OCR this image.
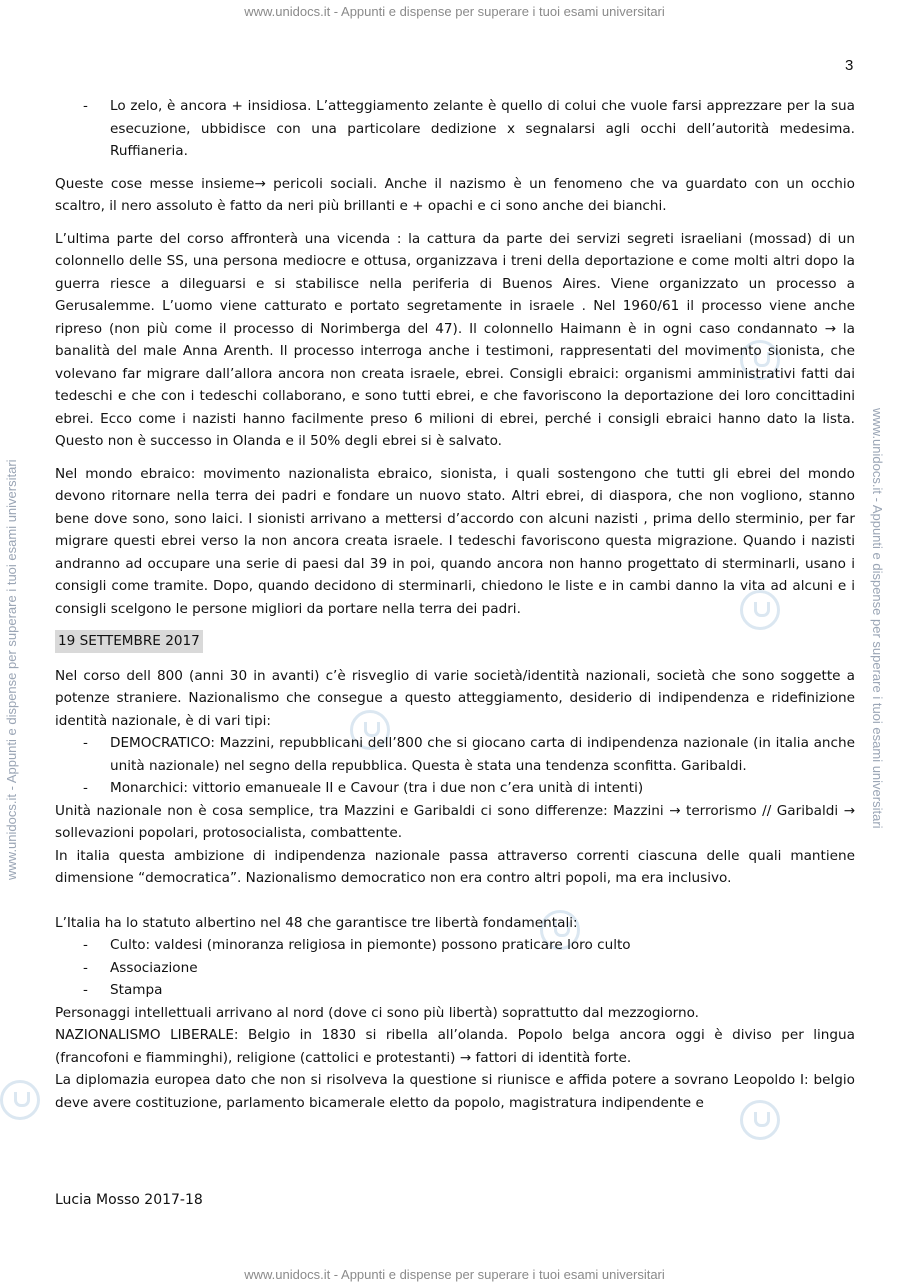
www.unidocs.it - Appunti e dispense per superare i tuoi esami universitari
www.unidocs.it - Appunti e dispense per superare i tuoi esami universitari
www.unidocs.it - Appunti e dispense per superare i tuoi esami universitari	www.unidocs.it - Appunti e dispense per superare i tuoi esami universitari
3
- Lo zelo, è ancora + insidiosa. L’atteggiamento zelante è quello di colui che vuole farsi apprezzare per la sua esecuzione, ubbidisce con una particolare dedizione x segnalarsi agli occhi dell’autorità medesima. Ruffianeria.

Queste cose messe insieme→ pericoli sociali. Anche il nazismo è un fenomeno che va guardato con un occhio scaltro, il nero assoluto è fatto da neri più brillanti e + opachi e ci sono anche dei bianchi.

L’ultima parte del corso affronterà una vicenda : la cattura da parte dei servizi segreti israeliani (mossad) di un colonnello delle SS, una persona mediocre e ottusa, organizzava i treni della deportazione e come molti altri dopo la guerra riesce a dileguarsi e si stabilisce nella periferia di Buenos Aires. Viene organizzato un processo a Gerusalemme. L’uomo viene catturato e portato segretamente in israele . Nel 1960/61 il processo viene anche ripreso (non più come il processo di Norimberga del 47). Il colonnello Haimann è in ogni caso condannato → la banalità del male Anna Arenth. Il processo interroga anche i testimoni, rappresentati del movimento sionista, che volevano far migrare dall’allora ancora non creata israele, ebrei. Consigli ebraici: organismi amministrativi fatti dai tedeschi e che con i tedeschi collaborano, e sono tutti ebrei, e che favoriscono la deportazione dei loro concittadini ebrei. Ecco come i nazisti hanno facilmente preso 6 milioni di ebrei, perché i consigli ebraici hanno dato la lista. Questo non è successo in Olanda e il 50% degli ebrei si è salvato.

Nel mondo ebraico: movimento nazionalista ebraico, sionista, i quali sostengono che tutti gli ebrei del mondo devono ritornare nella terra dei padri e fondare un nuovo stato. Altri ebrei, di diaspora, che non vogliono, stanno bene dove sono, sono laici. I sionisti arrivano a mettersi d’accordo con alcuni nazisti , prima dello sterminio, per far migrare questi ebrei verso la non ancora creata israele. I tedeschi favoriscono questa migrazione. Quando i nazisti andranno ad occupare una serie di paesi dal 39 in poi, quando ancora non hanno progettato di sterminarli, usano i consigli come tramite. Dopo, quando decidono di sterminarli, chiedono le liste e in cambi danno la vita ad alcuni e i consigli scelgono le persone migliori da portare nella terra dei padri.

19 SETTEMBRE 2017

Nel corso dell 800 (anni 30 in avanti) c’è risveglio di varie società/identità nazionali, società che sono soggette a potenze straniere. Nazionalismo che consegue a questo atteggiamento, desiderio di indipendenza e ridefinizione identità nazionale, è di vari tipi:

- DEMOCRATICO: Mazzini, repubblicani dell’800 che si giocano carta di indipendenza nazionale (in italia anche unità nazionale) nel segno della repubblica. Questa è stata una tendenza sconfitta. Garibaldi.
- Monarchici: vittorio emanueale II e Cavour (tra i due non c’era unità di intenti)

Unità nazionale non è cosa semplice, tra Mazzini e Garibaldi ci sono differenze: Mazzini → terrorismo // Garibaldi → sollevazioni popolari, protosocialista, combattente.

In italia questa ambizione di indipendenza nazionale passa attraverso correnti ciascuna delle quali mantiene dimensione “democratica”. Nazionalismo democratico non era contro altri popoli, ma era inclusivo.

L’Italia ha lo statuto albertino nel 48 che garantisce tre libertà fondamentali:

- Culto: valdesi (minoranza religiosa in piemonte) possono praticare loro culto
- Associazione
- Stampa

Personaggi intellettuali arrivano al nord (dove ci sono più libertà) soprattutto dal mezzogiorno.

NAZIONALISMO LIBERALE: Belgio in 1830 si ribella all’olanda. Popolo belga ancora oggi è diviso per lingua (francofoni e fiamminghi), religione (cattolici e protestanti) → fattori di identità forte.

La diplomazia europea dato che non si risolveva la questione si riunisce e affida potere a sovrano Leopoldo I: belgio deve avere costituzione, parlamento bicamerale eletto da popolo, magistratura indipendente e

Lucia Mosso 2017-18
